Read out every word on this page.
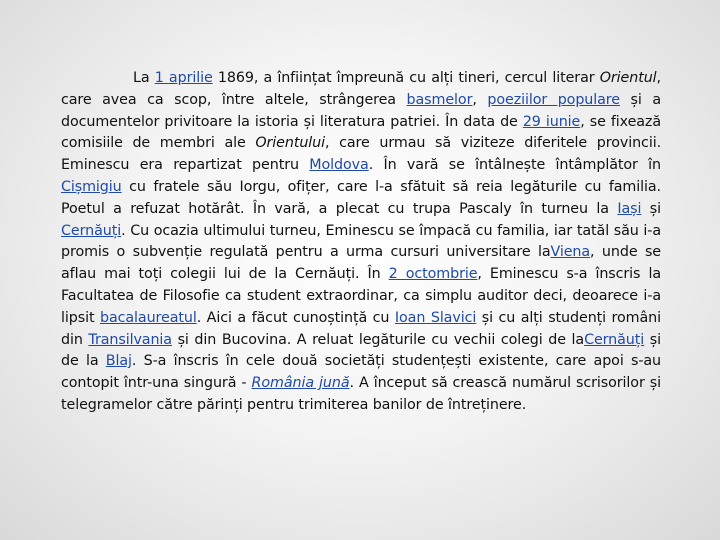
La 1 aprilie 1869, a înființat împreună cu alți tineri, cercul literar Orientul, care avea ca scop, între altele, strângerea basmelor, poeziilor populare și a documentelor privitoare la istoria și literatura patriei. În data de 29 iunie, se fixează comisiile de membri ale Orientului, care urmau să viziteze diferitele provincii. Eminescu era repartizat pentru Moldova. În vară se întâlnește întâmplător în Cișmigiu cu fratele său Iorgu, ofițer, care l-a sfătuit să reia legăturile cu familia. Poetul a refuzat hotărât. În vară, a plecat cu trupa Pascaly în turneu la Iași și Cernăuți. Cu ocazia ultimului turneu, Eminescu se împacă cu familia, iar tatăl său i-a promis o subvenție regulată pentru a urma cursuri universitare laViena, unde se aflau mai toți colegii lui de la Cernăuți. În 2 octombrie, Eminescu s-a înscris la Facultatea de Filosofie ca student extraordinar, ca simplu auditor deci, deoarece i-a lipsit bacalaureatul. Aici a făcut cunoștință cu Ioan Slavici și cu alți studenți români din Transilvania și din Bucovina. A reluat legăturile cu vechii colegi de laCernăuți și de la Blaj. S-a înscris în cele două societăți studențești existente, care apoi s-au contopit într-una singură - România jună. A început să crească numărul scrisorilor și telegramelor către părinți pentru trimiterea banilor de întreținere.
